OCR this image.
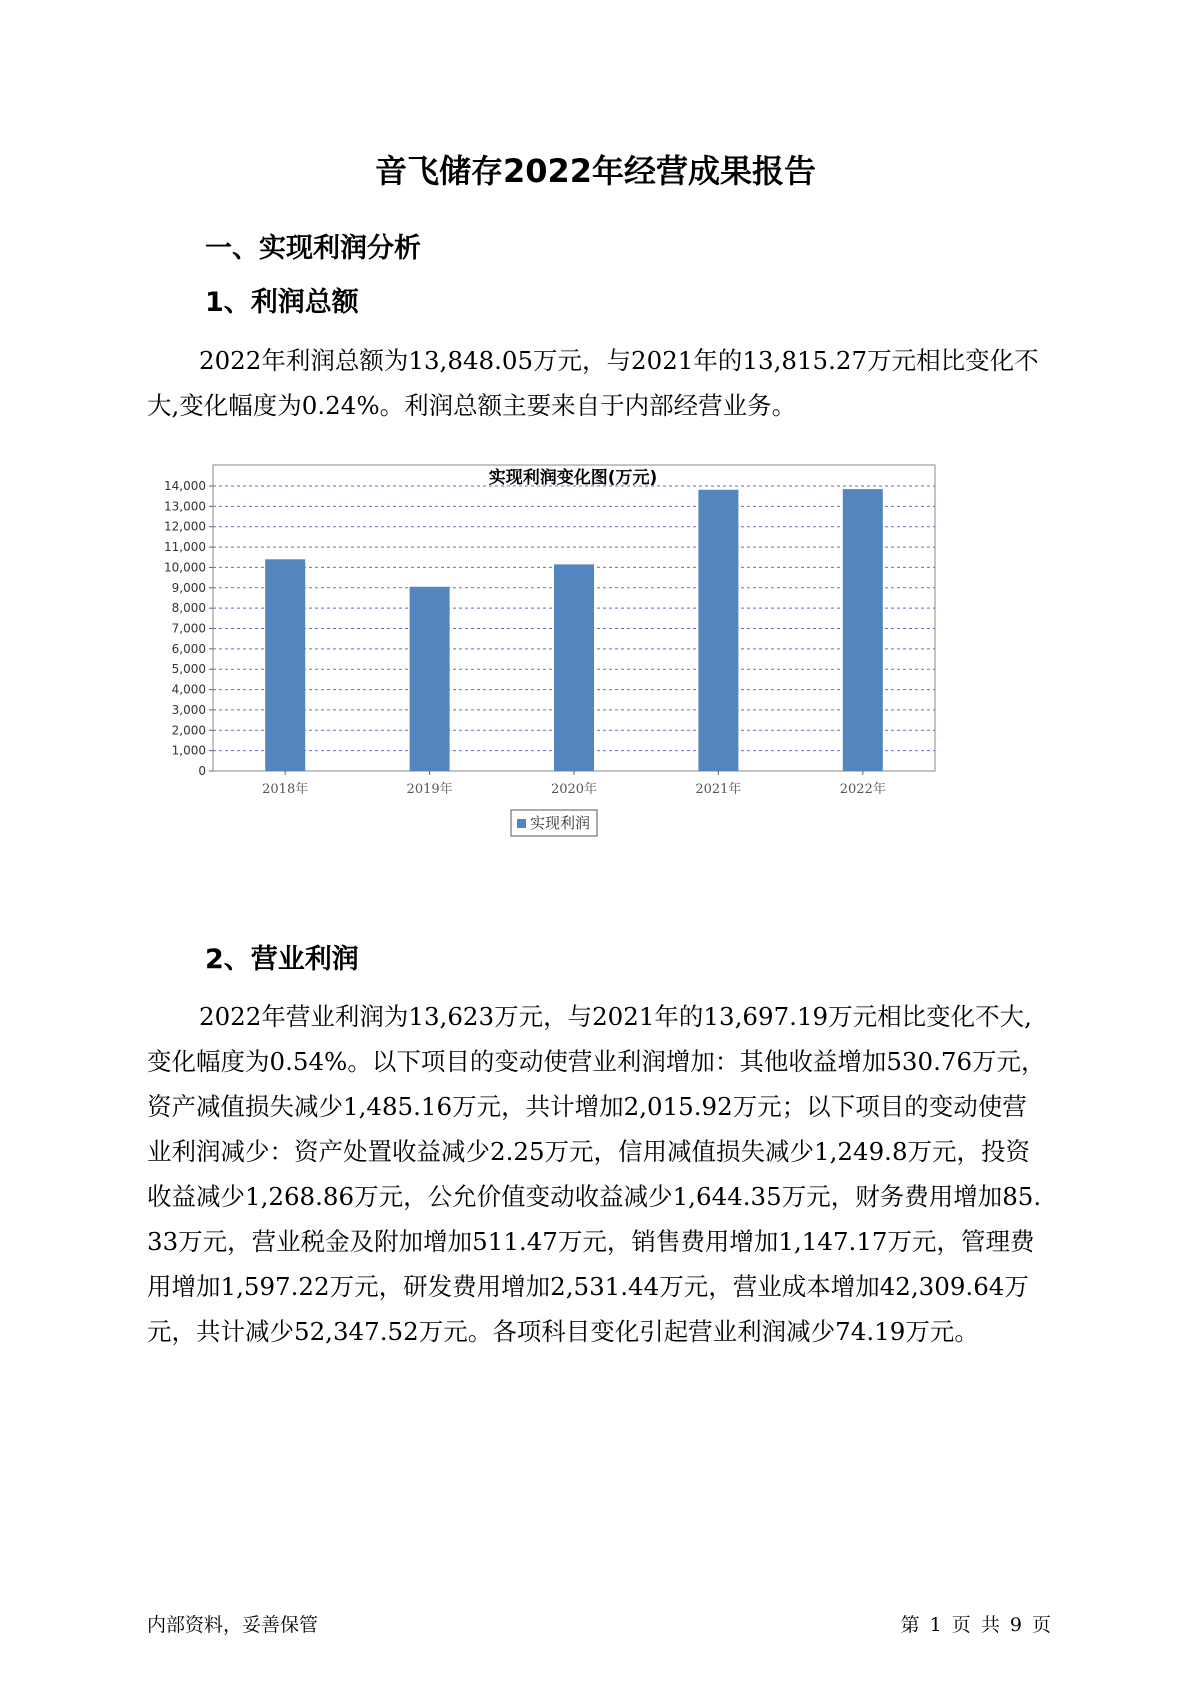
音飞储存2022年经营成果报告
一、实现利润分析
1、利润总额

2022年利润总额为13,848.05万元，与2021年的13,815.27万元相比变化不大,变化幅度为0.24%。利润总额主要来自于内部经营业务。

实现利润变化图(万元)
0
1,000
2,000
3,000
4,000
5,000
6,000
7,000
8,000
9,000
10,000
11,000
12,000
13,000
14,000
2018年	2019年	2020年	2021年	2022年
实现利润
2、营业利润

2022年营业利润为13,623万元，与2021年的13,697.19万元相比变化不大,变化幅度为0.54%。以下项目的变动使营业利润增加：其他收益增加530.76万元，资产减值损失减少1,485.16万元，共计增加2,015.92万元；以下项目的变动使营业利润减少：资产处置收益减少2.25万元，信用减值损失减少1,249.8万元，投资收益减少1,268.86万元，公允价值变动收益减少1,644.35万元，财务费用增加85.33万元，营业税金及附加增加511.47万元，销售费用增加1,147.17万元，管理费用增加1,597.22万元，研发费用增加2,531.44万元，营业成本增加42,309.64万元，共计减少52,347.52万元。各项科目变化引起营业利润减少74.19万元。

内部资料，妥善保管	第 1 页 共 9 页
